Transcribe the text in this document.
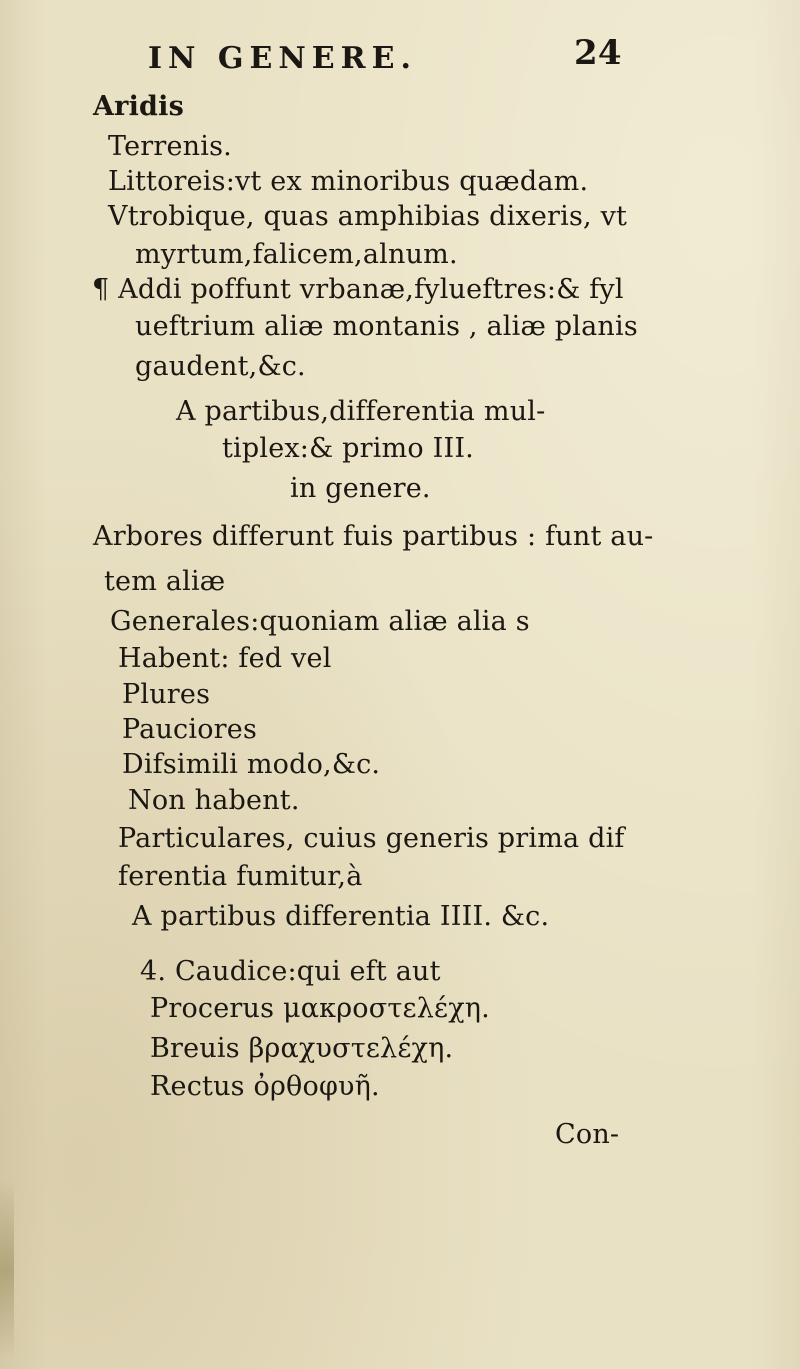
IN GENERE.	24
Aridis
Terrenis.
Littoreis:vt ex minoribus quædam.
Vtrobique, quas amphibias dixeris, vt
myrtum,falicem,alnum.
¶ Addi poffunt vrbanæ,fylueftres:& fyl
ueftrium aliæ montanis , aliæ planis
gaudent,&c.
A partibus,differentia mul-
tiplex:& primo III.
in genere.
Arbores differunt fuis partibus : funt au-
tem aliæ
Generales:quoniam aliæ alia s
Habent: fed vel
Plures
Pauciores
Difsimili modo,&c.
Non habent.
Particulares, cuius generis prima dif
ferentia fumitur,à
A partibus differentia IIII. &c.
4. Caudice:qui eft aut
Procerus μακροστελέχη.
Breuis βραχυστελέχη.
Rectus ὀρθοφυῆ.
Con-
